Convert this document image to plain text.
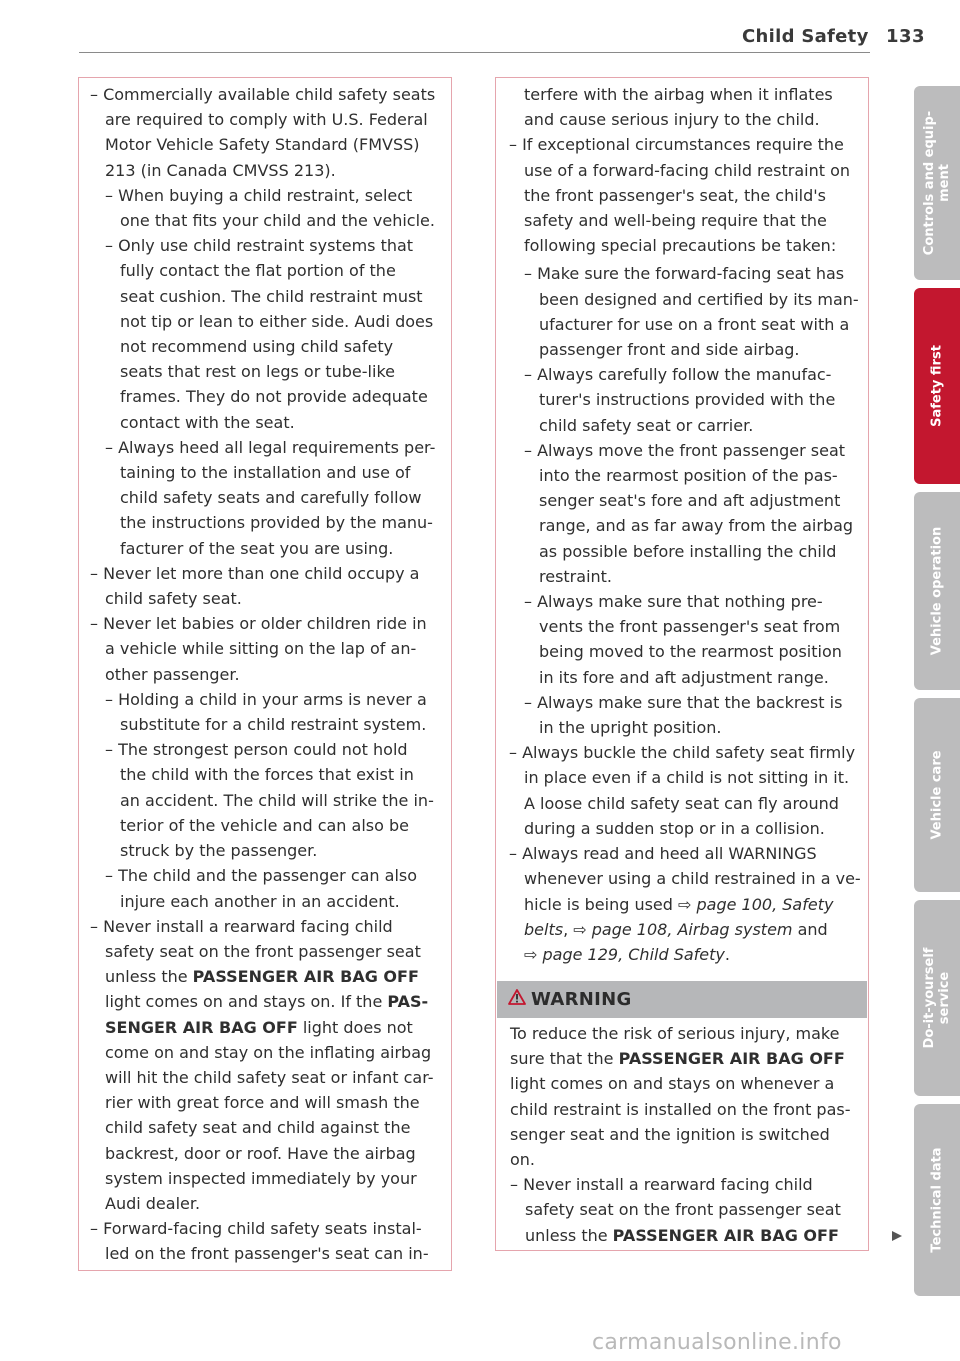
Child Safety 133
– Commercially available child safety seats
are required to comply with U.S. Federal
Motor Vehicle Safety Standard (FMVSS)
213 (in Canada CMVSS 213).
– When buying a child restraint, select
one that fits your child and the vehicle.
– Only use child restraint systems that
fully contact the flat portion of the
seat cushion. The child restraint must
not tip or lean to either side. Audi does
not recommend using child safety
seats that rest on legs or tube-like
frames. They do not provide adequate
contact with the seat.
– Always heed all legal requirements per-
taining to the installation and use of
child safety seats and carefully follow
the instructions provided by the manu-
facturer of the seat you are using.
– Never let more than one child occupy a
child safety seat.
– Never let babies or older children ride in
a vehicle while sitting on the lap of an-
other passenger.
– Holding a child in your arms is never a
substitute for a child restraint system.
– The strongest person could not hold
the child with the forces that exist in
an accident. The child will strike the in-
terior of the vehicle and can also be
struck by the passenger.
– The child and the passenger can also
injure each another in an accident.
– Never install a rearward facing child
safety seat on the front passenger seat
unless the PASSENGER AIR BAG OFF
light comes on and stays on. If the PAS-
SENGER AIR BAG OFF light does not
come on and stay on the inflating airbag
will hit the child safety seat or infant car-
rier with great force and will smash the
child safety seat and child against the
backrest, door or roof. Have the airbag
system inspected immediately by your
Audi dealer.
– Forward-facing child safety seats instal-
led on the front passenger's seat can in-
terfere with the airbag when it inflates
and cause serious injury to the child.
– If exceptional circumstances require the
use of a forward-facing child restraint on
the front passenger's seat, the child's
safety and well-being require that the
following special precautions be taken:
– Make sure the forward-facing seat has
been designed and certified by its man-
ufacturer for use on a front seat with a
passenger front and side airbag.
– Always carefully follow the manufac-
turer's instructions provided with the
child safety seat or carrier.
– Always move the front passenger seat
into the rearmost position of the pas-
senger seat's fore and aft adjustment
range, and as far away from the airbag
as possible before installing the child
restraint.
– Always make sure that nothing pre-
vents the front passenger's seat from
being moved to the rearmost position
in its fore and aft adjustment range.
– Always make sure that the backrest is
in the upright position.
– Always buckle the child safety seat firmly
in place even if a child is not sitting in it.
A loose child safety seat can fly around
during a sudden stop or in a collision.
– Always read and heed all WARNINGS
whenever using a child restrained in a ve-
hicle is being used ⇨ page 100, Safety
belts, ⇨ page 108, Airbag system and
⇨ page 129, Child Safety.
WARNING
To reduce the risk of serious injury, make
sure that the PASSENGER AIR BAG OFF
light comes on and stays on whenever a
child restraint is installed on the front pas-
senger seat and the ignition is switched
on.
– Never install a rearward facing child
safety seat on the front passenger seat
unless the PASSENGER AIR BAG OFF
Controls and equip- ment
Safety first
Vehicle operation
Vehicle care
Do-it-yourself service
Technical data
carmanualsonline.info
